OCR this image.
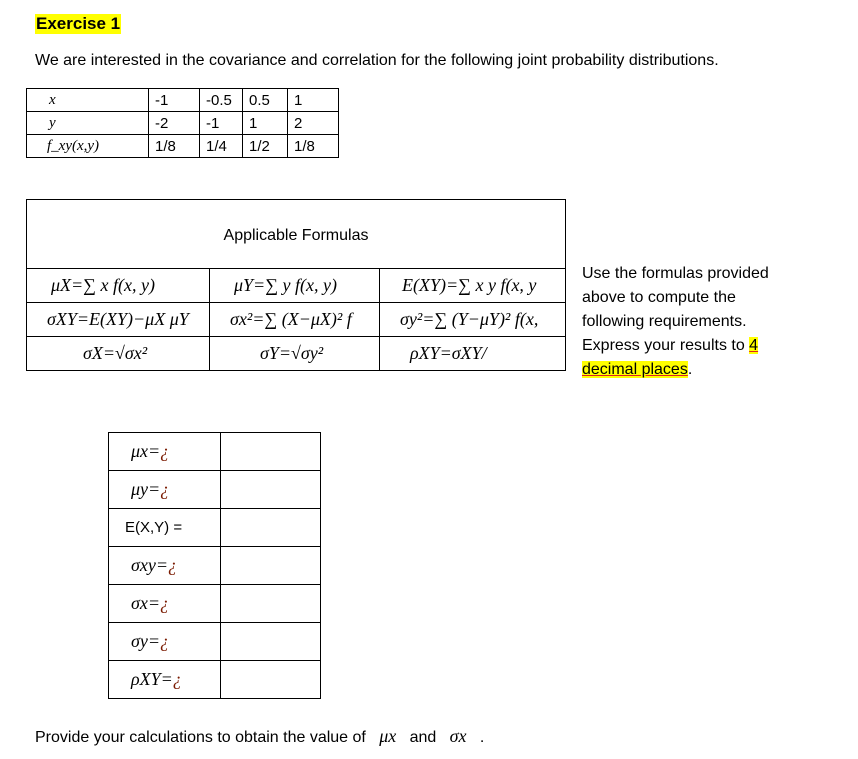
Exercise 1
We are interested in the covariance and correlation for the following joint probability distributions.
x	-1	-0.5	0.5	1
y	-2	-1	1	2
f_xy(x,y)	1/8	1/4	1/2	1/8
Applicable Formulas
μX=∑ x f(x, y)	μY=∑ y f(x, y)	E(XY)=∑ x y f(x, y

σXY=E(XY)−μX μY	σx²=∑ (X−μX)² f	σy²=∑ (Y−μY)² f(x,

σX=√σx²	σY=√σy²	ρXY=σXY/
Use the formulas provided
above to compute the
following requirements.
Express your results to 4
decimal places.
μx=¿	
μy=¿	
E(X,Y) =	
σxy=¿	
σx=¿	
σy=¿	
ρXY=¿	
Provide your calculations to obtain the value of μx and σx .
